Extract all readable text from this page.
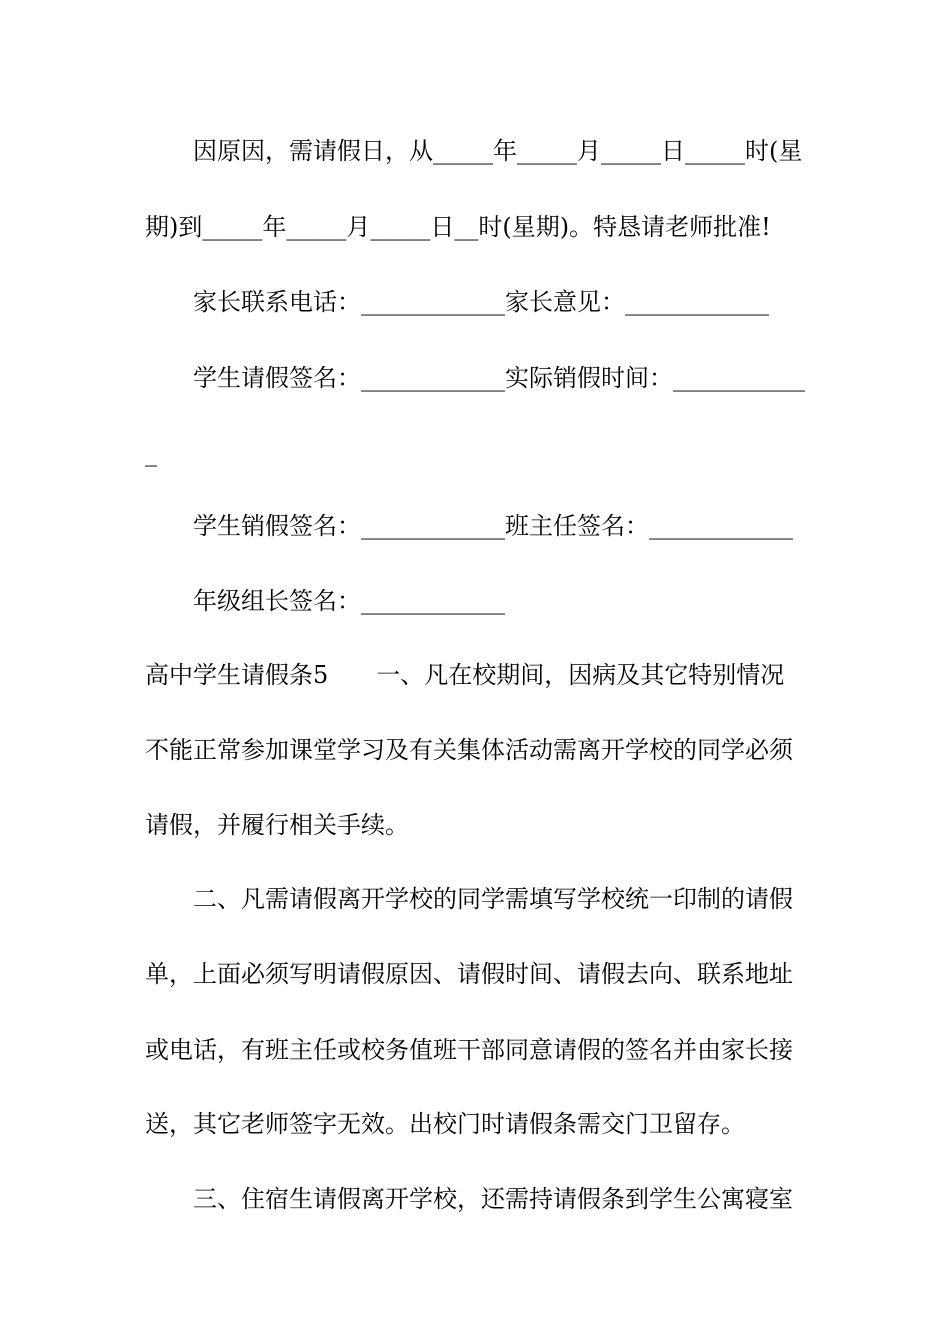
因原因，需请假日，从_____年_____月_____日_____时(星
期)到_____年_____月_____日__时(星期)。特恳请老师批准!
家长联系电话：____________家长意见：____________
学生请假签名：____________实际销假时间：___________
_
学生销假签名：____________班主任签名：____________
年级组长签名：____________
高中学生请假条5　　一、凡在校期间，因病及其它特别情况
不能正常参加课堂学习及有关集体活动需离开学校的同学必须
请假，并履行相关手续。
二、凡需请假离开学校的同学需填写学校统一印制的请假
单，上面必须写明请假原因、请假时间、请假去向、联系地址
或电话，有班主任或校务值班干部同意请假的签名并由家长接
送，其它老师签字无效。出校门时请假条需交门卫留存。
三、住宿生请假离开学校，还需持请假条到学生公寓寝室
